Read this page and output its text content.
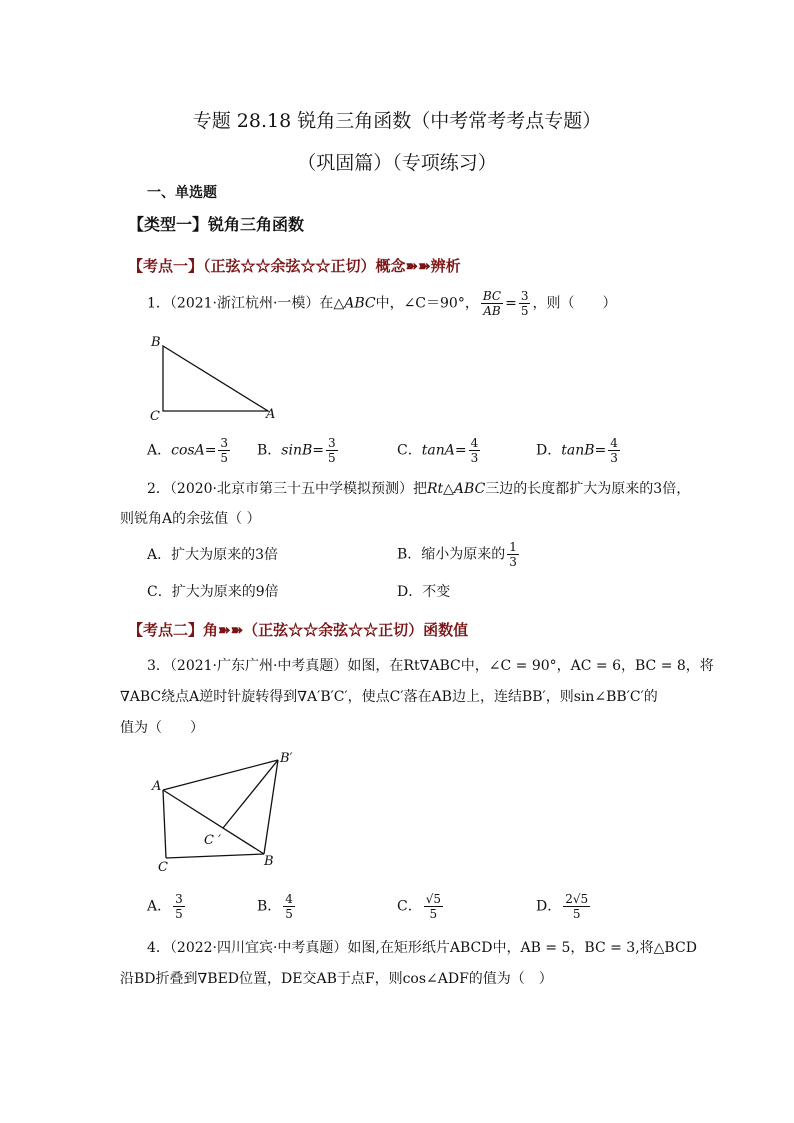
专题 28.18 锐角三角函数（中考常考考点专题）
（巩固篇）（专项练习）
一、单选题
【类型一】锐角三角函数
【考点一】（正弦☆☆余弦☆☆正切）概念➽➽辨析
1．（2021·浙江杭州·一模）在△ABC中，∠C＝90°， $\frac{BC}{AB} = \frac{3}{5}$ ，则（　　）
B
C	A
A．$\cos A= \frac{3}{5}$ B．$\sin B= \frac{3}{5}$	C．$\tan A= \frac{4}{3}$	D．$\tan B= \frac{4}{3}$
2．（2020·北京市第三十五中学模拟预测）把Rt△ABC三边的长度都扩大为原来的3倍，
则锐角A的余弦值（ ）
A．扩大为原来的3倍	B．缩小为原来的 $\frac{1}{3}$
C．扩大为原来的9倍	D．不变
【考点二】角➽➽（正弦☆☆余弦☆☆正切）函数值
3．（2021·广东广州·中考真题）如图，在Rt∇ABC中，∠C = 90°，AC = 6，BC = 8，将
∇ABC绕点A逆时针旋转得到∇A′B′C′，使点C′落在AB边上，连结BB′，则sin∠BB′C′的
值为（　　）
A
B′
C ′
C	B
A． $\frac{3}{5}$	B． $\frac{4}{5}$	C． $\frac{√5}{5}$	D． $\frac{2√5}{5}$
4．（2022·四川宜宾·中考真题）如图,在矩形纸片ABCD中，AB = 5，BC = 3,将△BCD
沿BD折叠到∇BED位置，DE交AB于点F，则cos∠ADF的值为（　）
